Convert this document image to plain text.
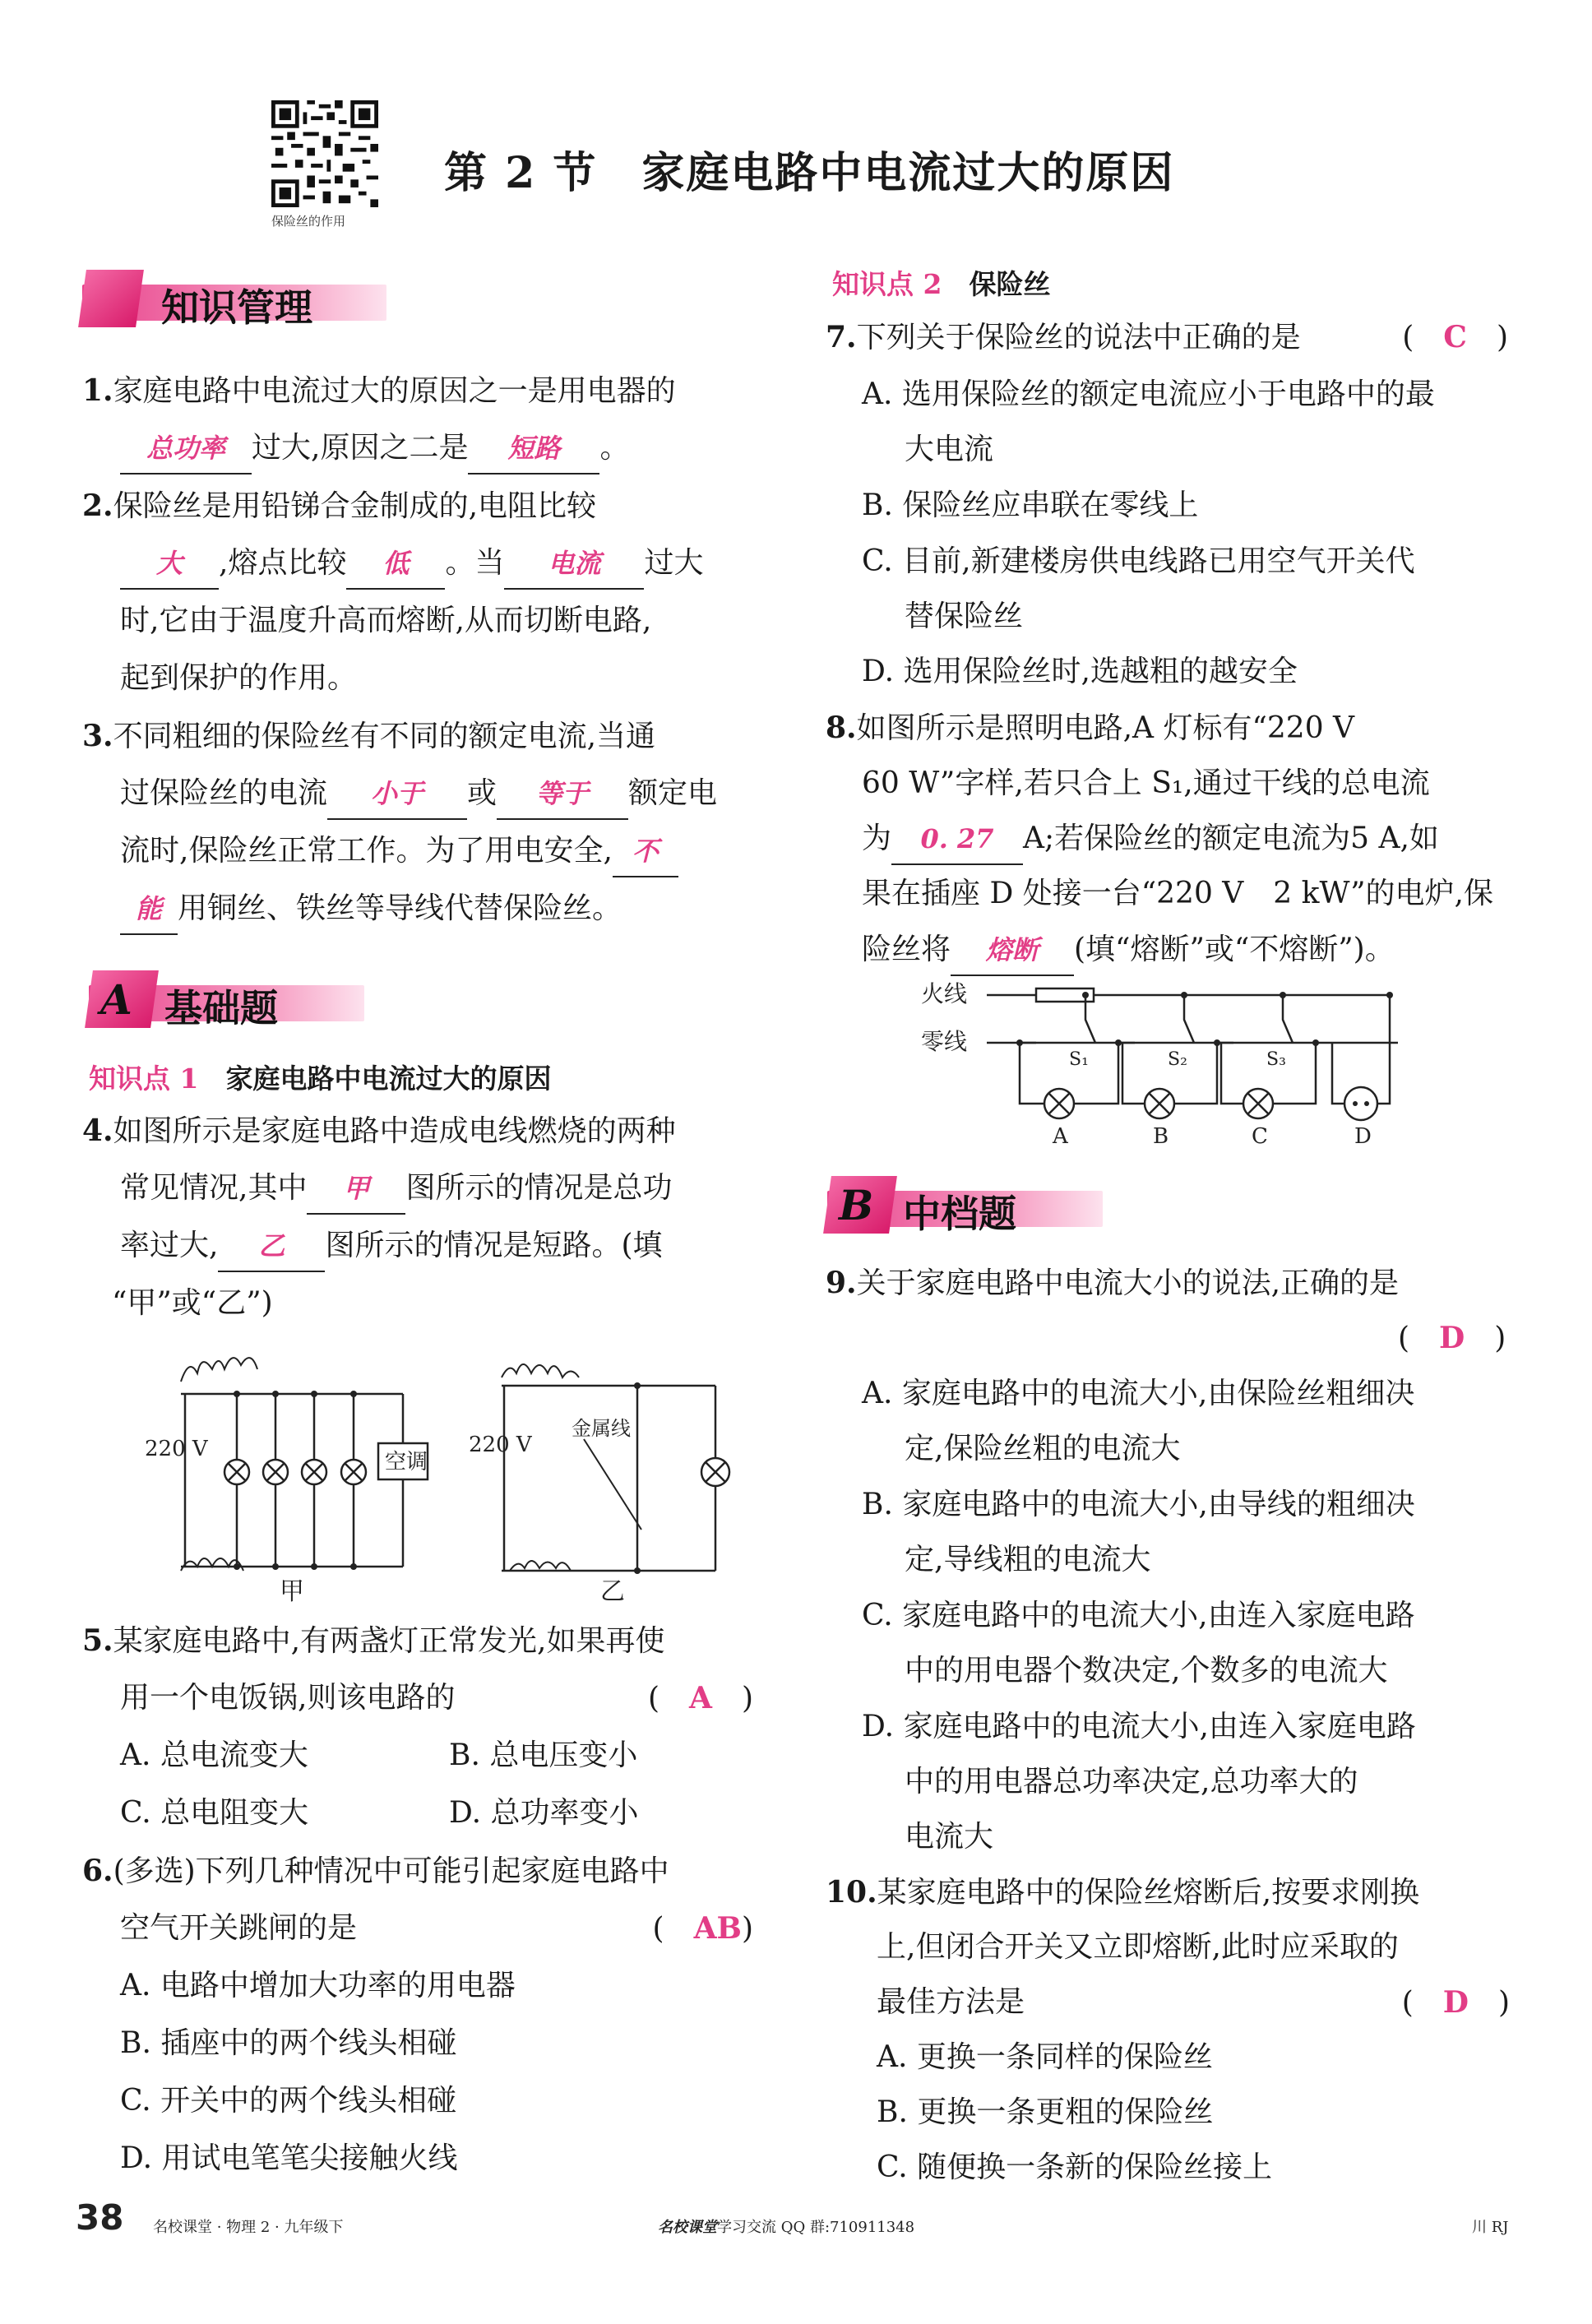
保险丝的作用
第 2 节　家庭电路中电流过大的原因
知识管理
1.家庭电路中电流过大的原因之一是用电器的
总功率 过大,原因之二是 短路 。
2.保险丝是用铅锑合金制成的,电阻比较
大 ,熔点比较 低 。当 电流 过大
时,它由于温度升高而熔断,从而切断电路,
起到保护的作用。
3.不同粗细的保险丝有不同的额定电流,当通
过保险丝的电流 小于 或 等于 额定电
流时,保险丝正常工作。为了用电安全, 不
能 用铜丝、铁丝等导线代替保险丝。
A 基础题
知识点 1　 家庭电路中电流过大的原因
4.如图所示是家庭电路中造成电线燃烧的两种
常见情况,其中 甲 图所示的情况是总功
率过大, 乙 图所示的情况是短路。(填
“甲”或“乙”)
220 V
空调
220 V
金属线
甲	乙
5.某家庭电路中,有两盏灯正常发光,如果再使
用一个电饭锅,则该电路的	(　A　)
A. 总电流变大	B. 总电压变小
C. 总电阻变大	D. 总功率变小
6.(多选)下列几种情况中可能引起家庭电路中
空气开关跳闸的是	(　AB)
A. 电路中增加大功率的用电器
B. 插座中的两个线头相碰
C. 开关中的两个线头相碰
D. 用试电笔笔尖接触火线
知识点 2　 保险丝
7.下列关于保险丝的说法中正确的是	(　C　)
A. 选用保险丝的额定电流应小于电路中的最
大电流
B. 保险丝应串联在零线上
C. 目前,新建楼房供电线路已用空气开关代
替保险丝
D. 选用保险丝时,选越粗的越安全
8.如图所示是照明电路,A 灯标有“220 V
60 W”字样,若只合上 S₁,通过干线的总电流
为 0. 27 A;若保险丝的额定电流为5 A,如
果在插座 D 处接一台“220 V　2 kW”的电炉,保
险丝将 熔断 (填“熔断”或“不熔断”)。
火线
零线
S₁	S₂	S₃
A	B	C	D
B 中档题
9.关于家庭电路中电流大小的说法,正确的是
(　D　)
A. 家庭电路中的电流大小,由保险丝粗细决
定,保险丝粗的电流大
B. 家庭电路中的电流大小,由导线的粗细决
定,导线粗的电流大
C. 家庭电路中的电流大小,由连入家庭电路
中的用电器个数决定,个数多的电流大
D. 家庭电路中的电流大小,由连入家庭电路
中的用电器总功率决定,总功率大的
电流大
10.某家庭电路中的保险丝熔断后,按要求刚换
上,但闭合开关又立即熔断,此时应采取的
最佳方法是	(　D　)
A. 更换一条同样的保险丝
B. 更换一条更粗的保险丝
C. 随便换一条新的保险丝接上
38 名校课堂 · 物理 2 · 九年级下	名校课堂学习交流 QQ 群:710911348	川 RJ
